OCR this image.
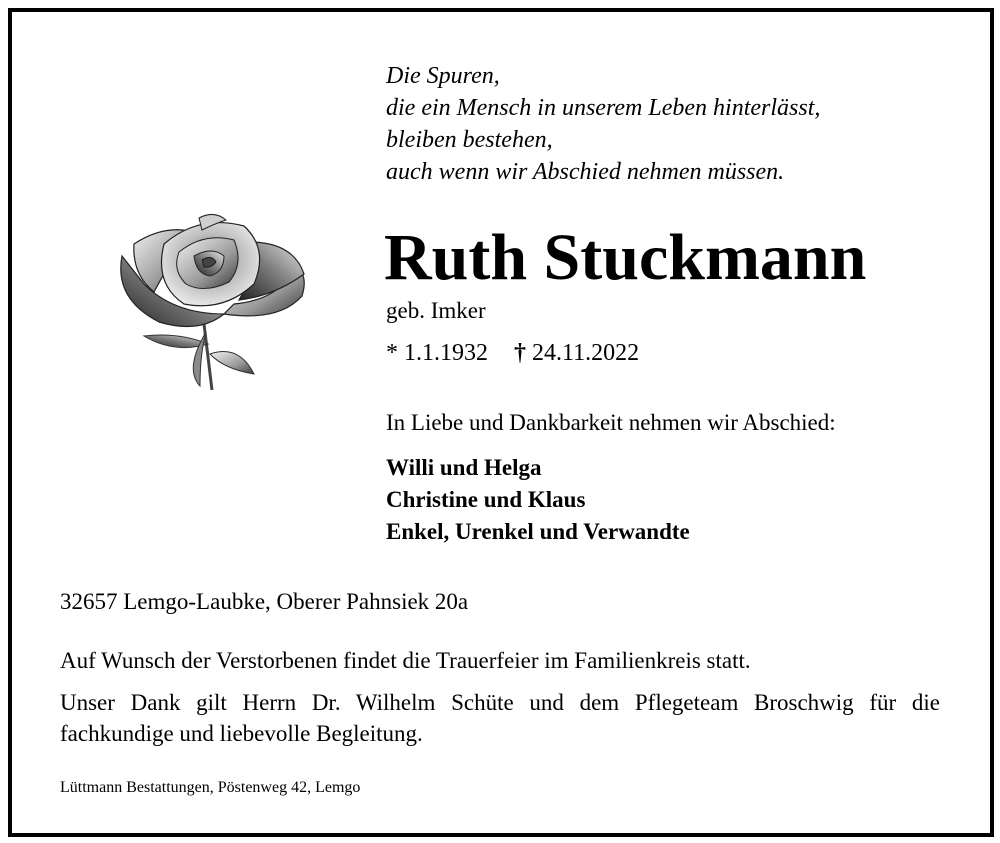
Die Spuren,
die ein Mensch in unserem Leben hinterlässt,
bleiben bestehen,
auch wenn wir Abschied nehmen müssen.
Ruth Stuckmann
geb. Imker
* 1.1.1932 † 24.11.2022
In Liebe und Dankbarkeit nehmen wir Abschied:
Willi und Helga
Christine und Klaus
Enkel, Urenkel und Verwandte
32657 Lemgo-Laubke, Oberer Pahnsiek 20a
Auf Wunsch der Verstorbenen findet die Trauerfeier im Familienkreis statt.
Unser Dank gilt Herrn Dr. Wilhelm Schüte und dem Pflegeteam Broschwig für die fachkundige und liebevolle Begleitung.
Lüttmann Bestattungen, Pöstenweg 42, Lemgo
